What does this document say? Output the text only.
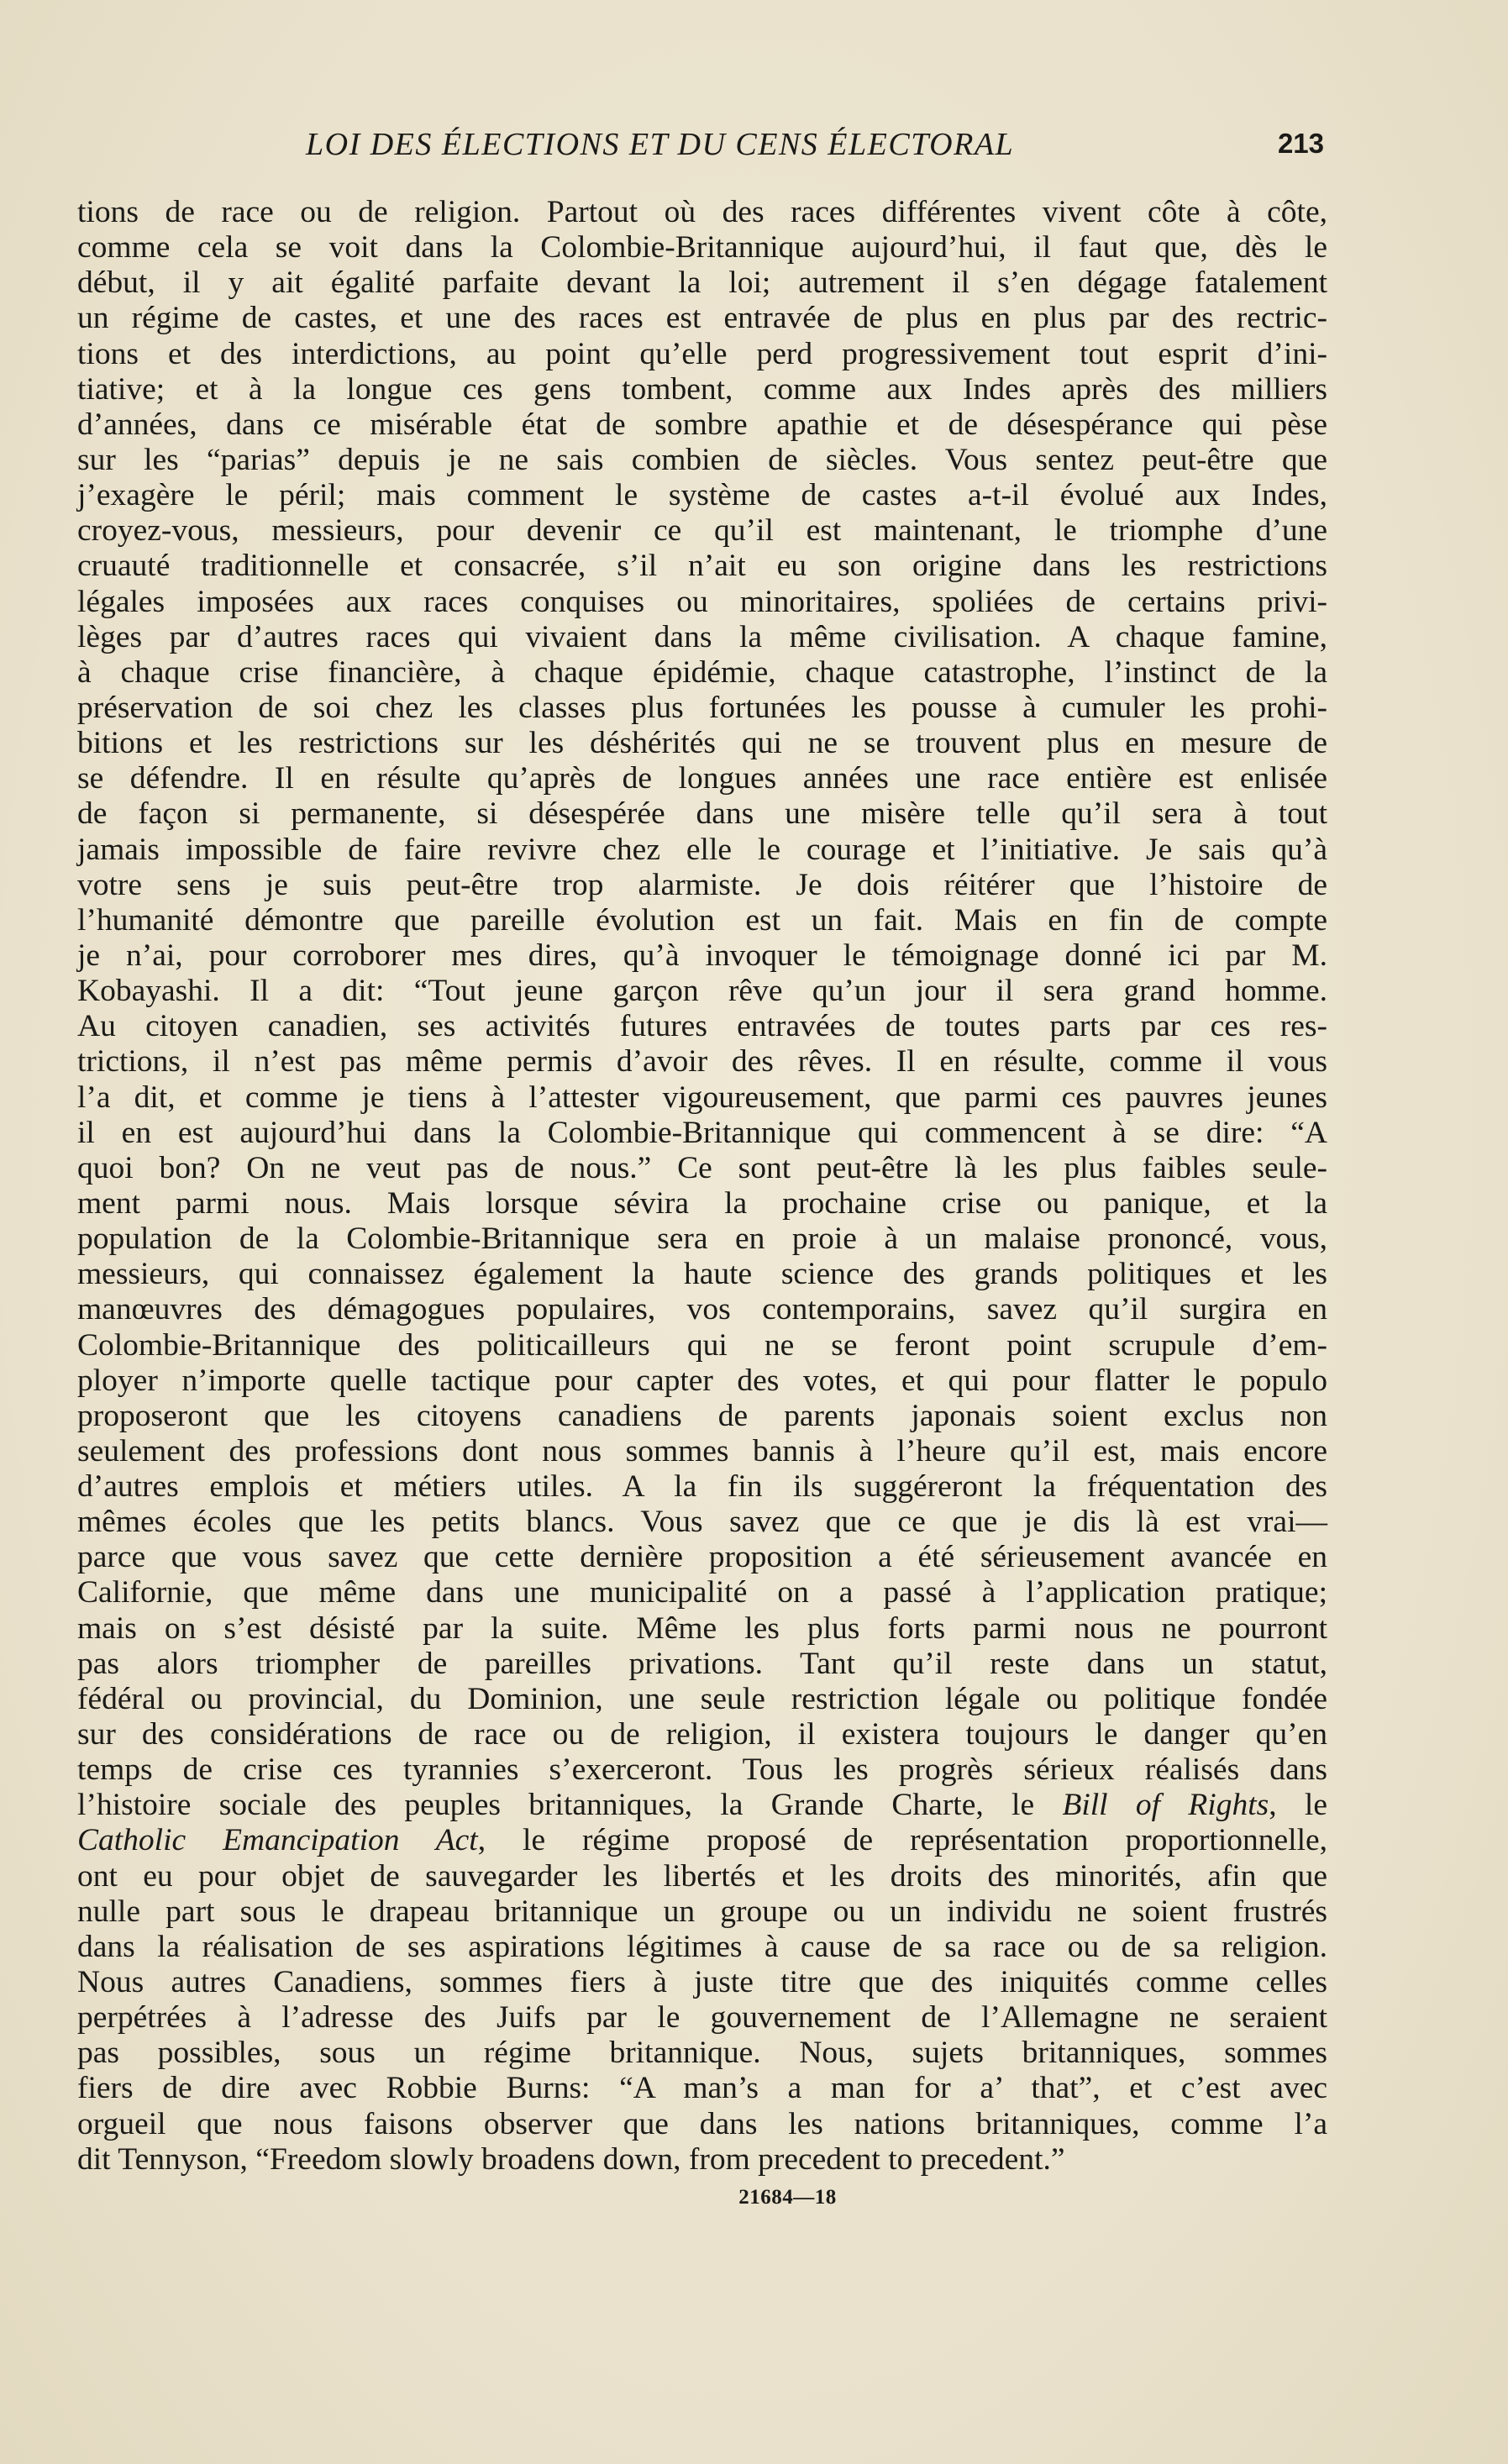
LOI DES ÉLECTIONS ET DU CENS ÉLECTORAL	213
tions de race ou de religion. Partout où des races différentes vivent côte à côte,
comme cela se voit dans la Colombie-Britannique aujourd’hui, il faut que, dès le
début, il y ait égalité parfaite devant la loi; autrement il s’en dégage fatalement
un régime de castes, et une des races est entravée de plus en plus par des rectric-
tions et des interdictions, au point qu’elle perd progressivement tout esprit d’ini-
tiative; et à la longue ces gens tombent, comme aux Indes après des milliers
d’années, dans ce misérable état de sombre apathie et de désespérance qui pèse
sur les “parias” depuis je ne sais combien de siècles. Vous sentez peut-être que
j’exagère le péril; mais comment le système de castes a-t-il évolué aux Indes,
croyez-vous, messieurs, pour devenir ce qu’il est maintenant, le triomphe d’une
cruauté traditionnelle et consacrée, s’il n’ait eu son origine dans les restrictions
légales imposées aux races conquises ou minoritaires, spoliées de certains privi-
lèges par d’autres races qui vivaient dans la même civilisation. A chaque famine,
à chaque crise financière, à chaque épidémie, chaque catastrophe, l’instinct de la
préservation de soi chez les classes plus fortunées les pousse à cumuler les prohi-
bitions et les restrictions sur les déshérités qui ne se trouvent plus en mesure de
se défendre. Il en résulte qu’après de longues années une race entière est enlisée
de façon si permanente, si désespérée dans une misère telle qu’il sera à tout
jamais impossible de faire revivre chez elle le courage et l’initiative. Je sais qu’à
votre sens je suis peut-être trop alarmiste. Je dois réitérer que l’histoire de
l’humanité démontre que pareille évolution est un fait. Mais en fin de compte
je n’ai, pour corroborer mes dires, qu’à invoquer le témoignage donné ici par M.
Kobayashi. Il a dit: “Tout jeune garçon rêve qu’un jour il sera grand homme.
Au citoyen canadien, ses activités futures entravées de toutes parts par ces res-
trictions, il n’est pas même permis d’avoir des rêves. Il en résulte, comme il vous
l’a dit, et comme je tiens à l’attester vigoureusement, que parmi ces pauvres jeunes
il en est aujourd’hui dans la Colombie-Britannique qui commencent à se dire: “A
quoi bon? On ne veut pas de nous.” Ce sont peut-être là les plus faibles seule-
ment parmi nous. Mais lorsque sévira la prochaine crise ou panique, et la
population de la Colombie-Britannique sera en proie à un malaise prononcé, vous,
messieurs, qui connaissez également la haute science des grands politiques et les
manœuvres des démagogues populaires, vos contemporains, savez qu’il surgira en
Colombie-Britannique des politicailleurs qui ne se feront point scrupule d’em-
ployer n’importe quelle tactique pour capter des votes, et qui pour flatter le populo
proposeront que les citoyens canadiens de parents japonais soient exclus non
seulement des professions dont nous sommes bannis à l’heure qu’il est, mais encore
d’autres emplois et métiers utiles. A la fin ils suggéreront la fréquentation des
mêmes écoles que les petits blancs. Vous savez que ce que je dis là est vrai—
parce que vous savez que cette dernière proposition a été sérieusement avancée en
Californie, que même dans une municipalité on a passé à l’application pratique;
mais on s’est désisté par la suite. Même les plus forts parmi nous ne pourront
pas alors triompher de pareilles privations. Tant qu’il reste dans un statut,
fédéral ou provincial, du Dominion, une seule restriction légale ou politique fondée
sur des considérations de race ou de religion, il existera toujours le danger qu’en
temps de crise ces tyrannies s’exerceront. Tous les progrès sérieux réalisés dans
l’histoire sociale des peuples britanniques, la Grande Charte, le Bill of Rights, le
Catholic Emancipation Act, le régime proposé de représentation proportionnelle,
ont eu pour objet de sauvegarder les libertés et les droits des minorités, afin que
nulle part sous le drapeau britannique un groupe ou un individu ne soient frustrés
dans la réalisation de ses aspirations légitimes à cause de sa race ou de sa religion.
Nous autres Canadiens, sommes fiers à juste titre que des iniquités comme celles
perpétrées à l’adresse des Juifs par le gouvernement de l’Allemagne ne seraient
pas possibles, sous un régime britannique. Nous, sujets britanniques, sommes
fiers de dire avec Robbie Burns: “A man’s a man for a’ that”, et c’est avec
orgueil que nous faisons observer que dans les nations britanniques, comme l’a
dit Tennyson, “Freedom slowly broadens down, from precedent to precedent.”
21684—18
